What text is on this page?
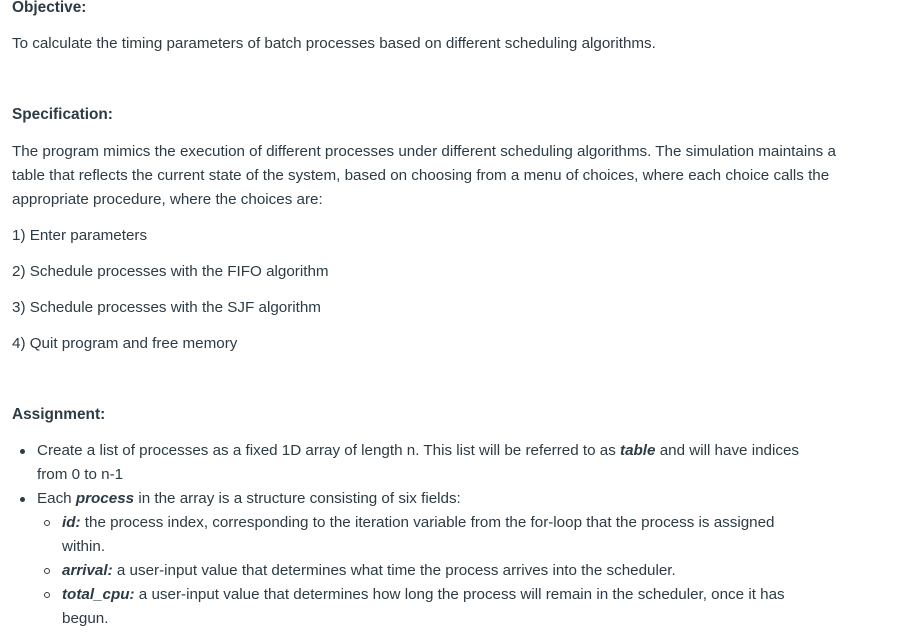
Objective:

To calculate the timing parameters of batch processes based on different scheduling algorithms.

Specification:

The program mimics the execution of different processes under different scheduling algorithms. The simulation maintains a table that reflects the current state of the system, based on choosing from a menu of choices, where each choice calls the appropriate procedure, where the choices are:

1) Enter parameters

2) Schedule processes with the FIFO algorithm

3) Schedule processes with the SJF algorithm

4) Quit program and free memory

Assignment:
Create a list of processes as a fixed 1D array of length n. This list will be referred to as table and will have indices from 0 to n-1
Each process in the array is a structure consisting of six fields:
id: the process index, corresponding to the iteration variable from the for-loop that the process is assigned within.
arrival: a user-input value that determines what time the process arrives into the scheduler.
total_cpu: a user-input value that determines how long the process will remain in the scheduler, once it has begun.
